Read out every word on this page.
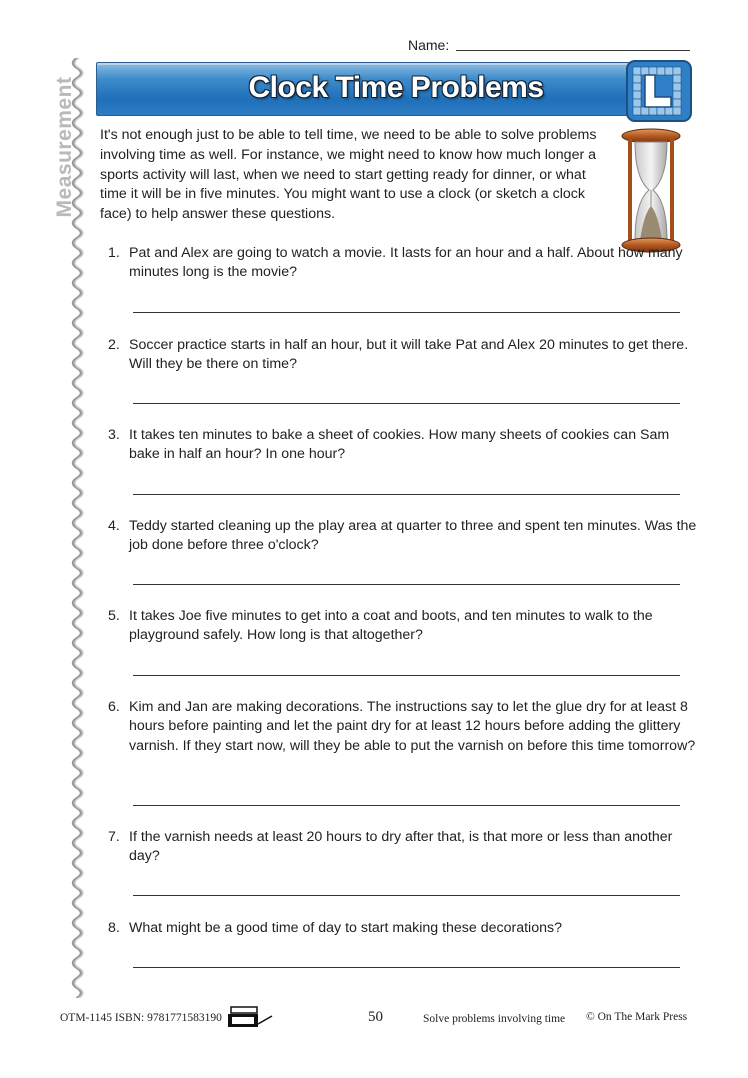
Name:
Measurement	Clock Time Problems
It's not enough just to be able to tell time, we need to be able to solve problems involving time as well. For instance, we might need to know how much longer a sports activity will last, when we need to start getting ready for dinner, or what time it will be in five minutes. You might want to use a clock (or sketch a clock face) to help answer these questions.
1. Pat and Alex are going to watch a movie. It lasts for an hour and a half. About how many minutes long is the movie?
2. Soccer practice starts in half an hour, but it will take Pat and Alex 20 minutes to get there. Will they be there on time?
3. It takes ten minutes to bake a sheet of cookies. How many sheets of cookies can Sam bake in half an hour? In one hour?
4. Teddy started cleaning up the play area at quarter to three and spent ten minutes. Was the job done before three o'clock?
5. It takes Joe five minutes to get into a coat and boots, and ten minutes to walk to the playground safely. How long is that altogether?
6. Kim and Jan are making decorations. The instructions say to let the glue dry for at least 8 hours before painting and let the paint dry for at least 12 hours before adding the glittery varnish. If they start now, will they be able to put the varnish on before this time tomorrow?
7. If the varnish needs at least 20 hours to dry after that, is that more or less than another day?
8. What might be a good time of day to start making these decorations?
OTM-1145 ISBN: 9781771583190	50	Solve problems involving time © On The Mark Press
